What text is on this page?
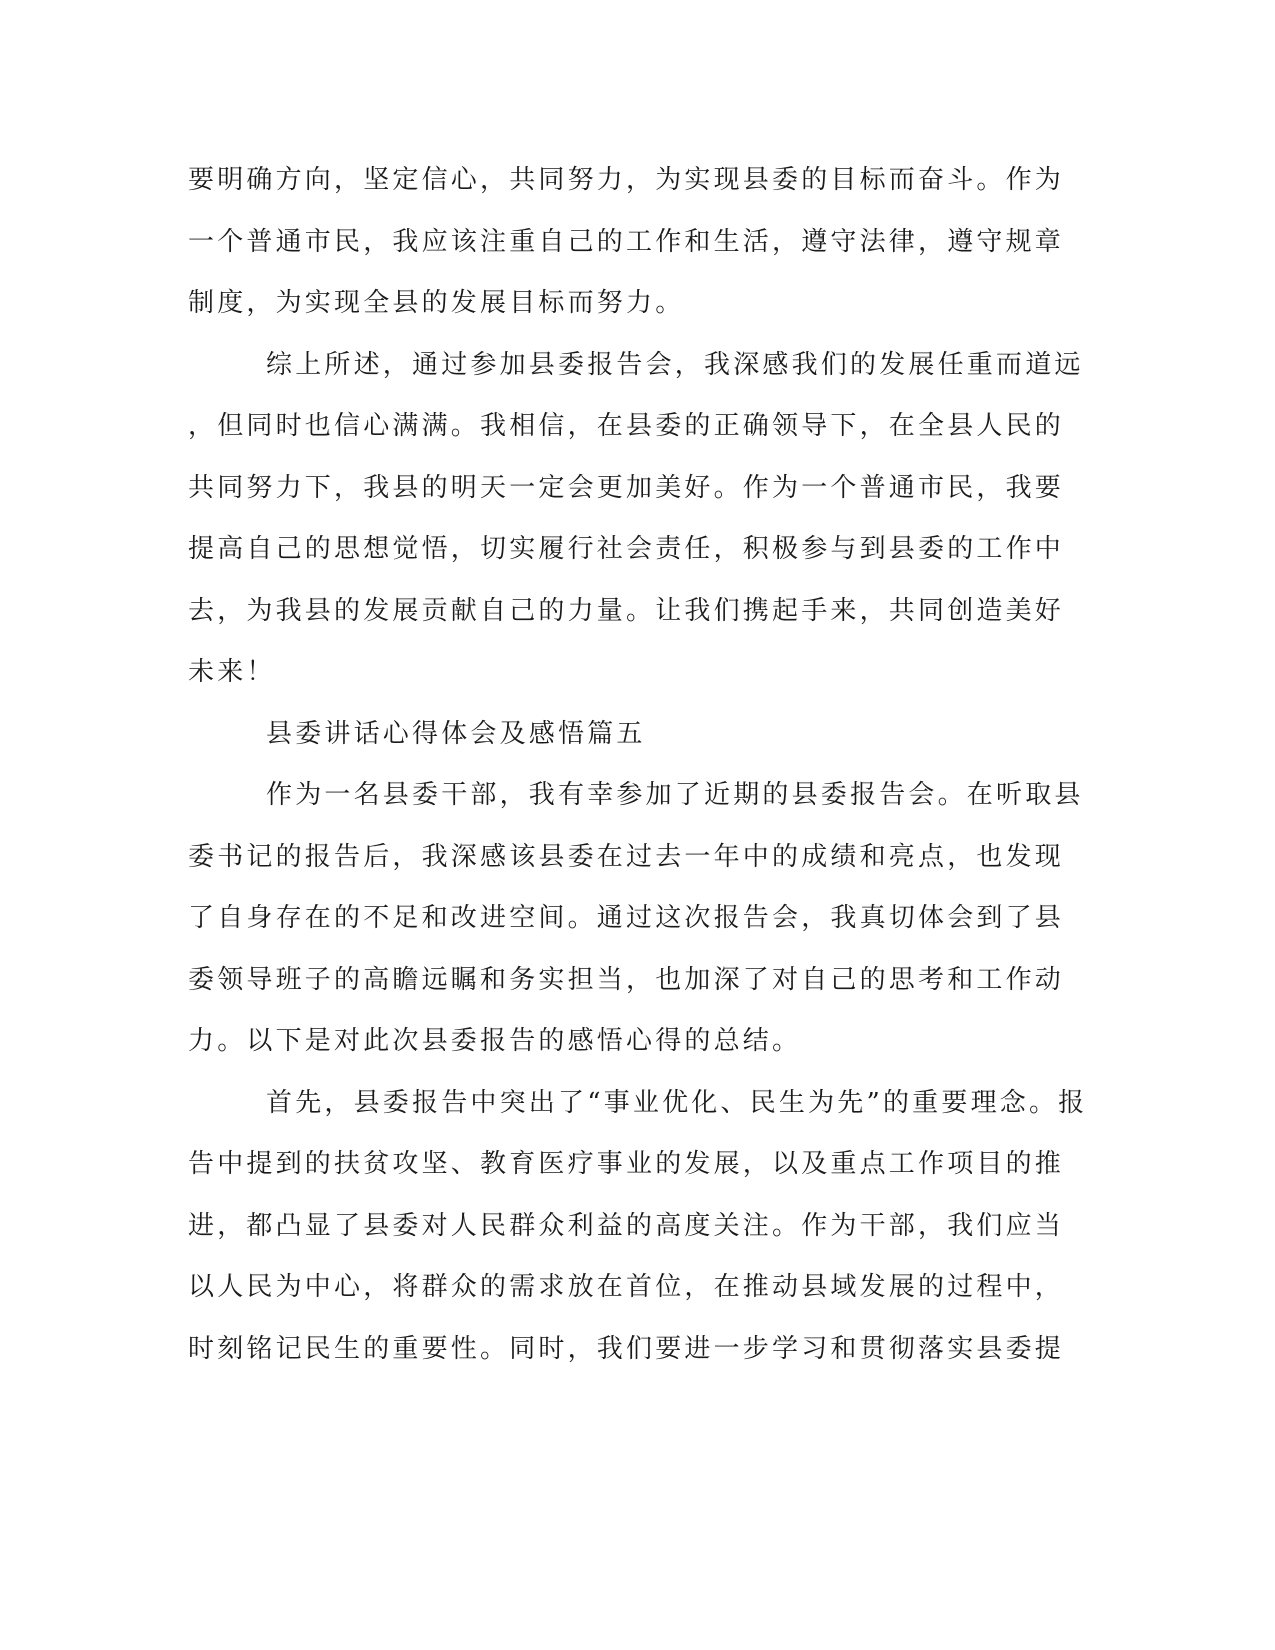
要明确方向，坚定信心，共同努力，为实现县委的目标而奋斗。作为
一个普通市民，我应该注重自己的工作和生活，遵守法律，遵守规章
制度，为实现全县的发展目标而努力。
综上所述，通过参加县委报告会，我深感我们的发展任重而道远
，但同时也信心满满。我相信，在县委的正确领导下，在全县人民的
共同努力下，我县的明天一定会更加美好。作为一个普通市民，我要
提高自己的思想觉悟，切实履行社会责任，积极参与到县委的工作中
去，为我县的发展贡献自己的力量。让我们携起手来，共同创造美好
未来！
县委讲话心得体会及感悟篇五
作为一名县委干部，我有幸参加了近期的县委报告会。在听取县
委书记的报告后，我深感该县委在过去一年中的成绩和亮点，也发现
了自身存在的不足和改进空间。通过这次报告会，我真切体会到了县
委领导班子的高瞻远瞩和务实担当，也加深了对自己的思考和工作动
力。以下是对此次县委报告的感悟心得的总结。
首先，县委报告中突出了“事业优化、民生为先”的重要理念。报
告中提到的扶贫攻坚、教育医疗事业的发展，以及重点工作项目的推
进，都凸显了县委对人民群众利益的高度关注。作为干部，我们应当
以人民为中心，将群众的需求放在首位，在推动县域发展的过程中，
时刻铭记民生的重要性。同时，我们要进一步学习和贯彻落实县委提
